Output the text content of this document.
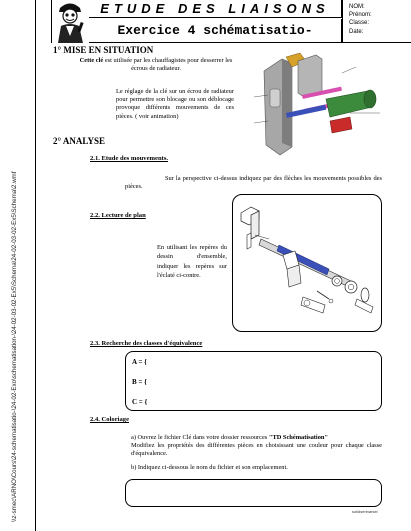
\\z-smec\ARNO\Cours\24-schematisatio-\24-02-Exo\schematisation-\24-02-03-02-Ex5\Schema\24-02-03-02-Ex5\Schema\2.wmf
ETUDE DES LIAISONS
Exercice 4 schématisatio-
NOM:
Prénom:
Classe:
Date:
1° MISE EN SITUATION
Cette clé est utilisée par les chauffagistes pour desserrer les écrous de radiateur.
Le réglage de la clé sur un écrou de radiateur pour permettre son blocage ou son déblocage provoque différents mouvements de ces pièces. ( voir animation)
2° ANALYSE
2.1. Etude des mouvements.
Sur la perspective ci-dessus indiquez par des flèches les mouvements possibles des pièces.
2.2. Lecture de plan
En utilisant les repères du dessin d'ensemble, indiquer les repères sur l'éclaté ci-contre.
2.3. Recherche des classes d'équivalence
A = {
B = {
C = {
2.4. Coloriage
a) Ouvrez le fichier Clé dans votre dossier ressources "TD Schématisation"
Modifiez les propriétés des différentes pièces en choisissant une couleur pour chaque classe d'équivalence.
b) Indiquez ci-dessous le nom du fichier et son emplacement.
solidserinarsel
